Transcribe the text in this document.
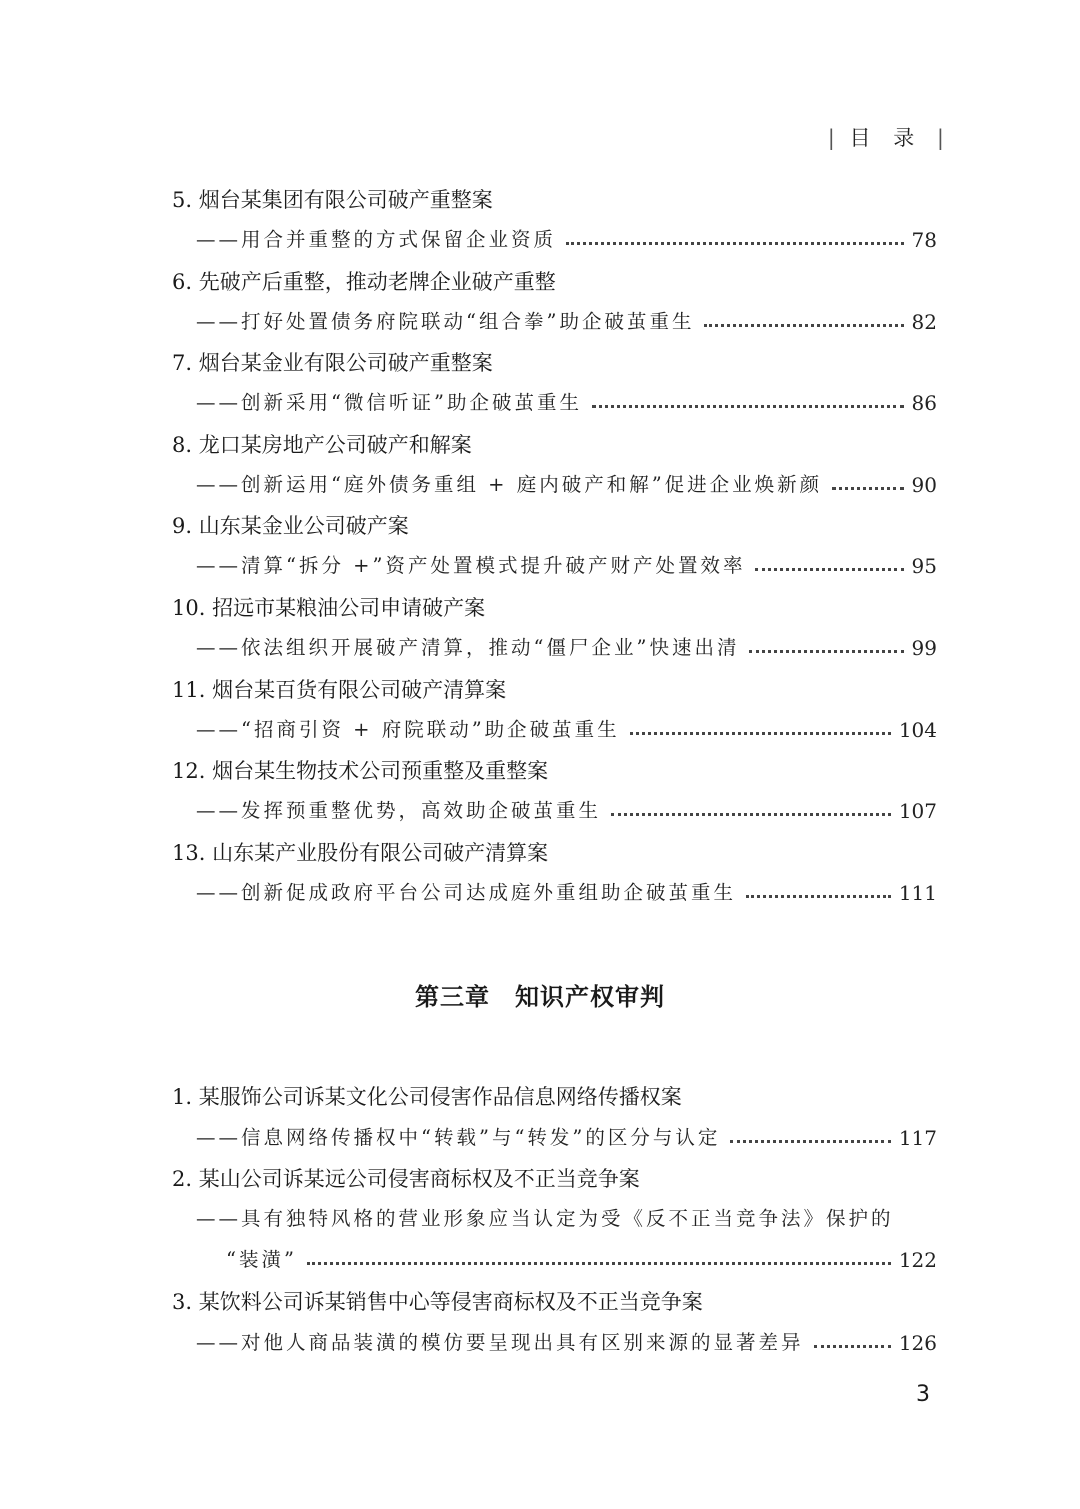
| 目 录 |
5. 烟台某集团有限公司破产重整案
——用合并重整的方式保留企业资质	78
6. 先破产后重整，推动老牌企业破产重整
——打好处置债务府院联动“组合拳”助企破茧重生	82
7. 烟台某金业有限公司破产重整案
——创新采用“微信听证”助企破茧重生	86
8. 龙口某房地产公司破产和解案
——创新运用“庭外债务重组 + 庭内破产和解”促进企业焕新颜	90
9. 山东某金业公司破产案
——清算“拆分 +”资产处置模式提升破产财产处置效率	95
10. 招远市某粮油公司申请破产案
——依法组织开展破产清算，推动“僵尸企业”快速出清	99
11. 烟台某百货有限公司破产清算案
——“招商引资 + 府院联动”助企破茧重生	104
12. 烟台某生物技术公司预重整及重整案
——发挥预重整优势，高效助企破茧重生	107
13. 山东某产业股份有限公司破产清算案
——创新促成政府平台公司达成庭外重组助企破茧重生	111
第三章　知识产权审判
1. 某服饰公司诉某文化公司侵害作品信息网络传播权案
——信息网络传播权中“转载”与“转发”的区分与认定	117
2. 某山公司诉某远公司侵害商标权及不正当竞争案
——具有独特风格的营业形象应当认定为受《反不正当竞争法》保护的
“装潢”	122
3. 某饮料公司诉某销售中心等侵害商标权及不正当竞争案
——对他人商品装潢的模仿要呈现出具有区别来源的显著差异	126
3
